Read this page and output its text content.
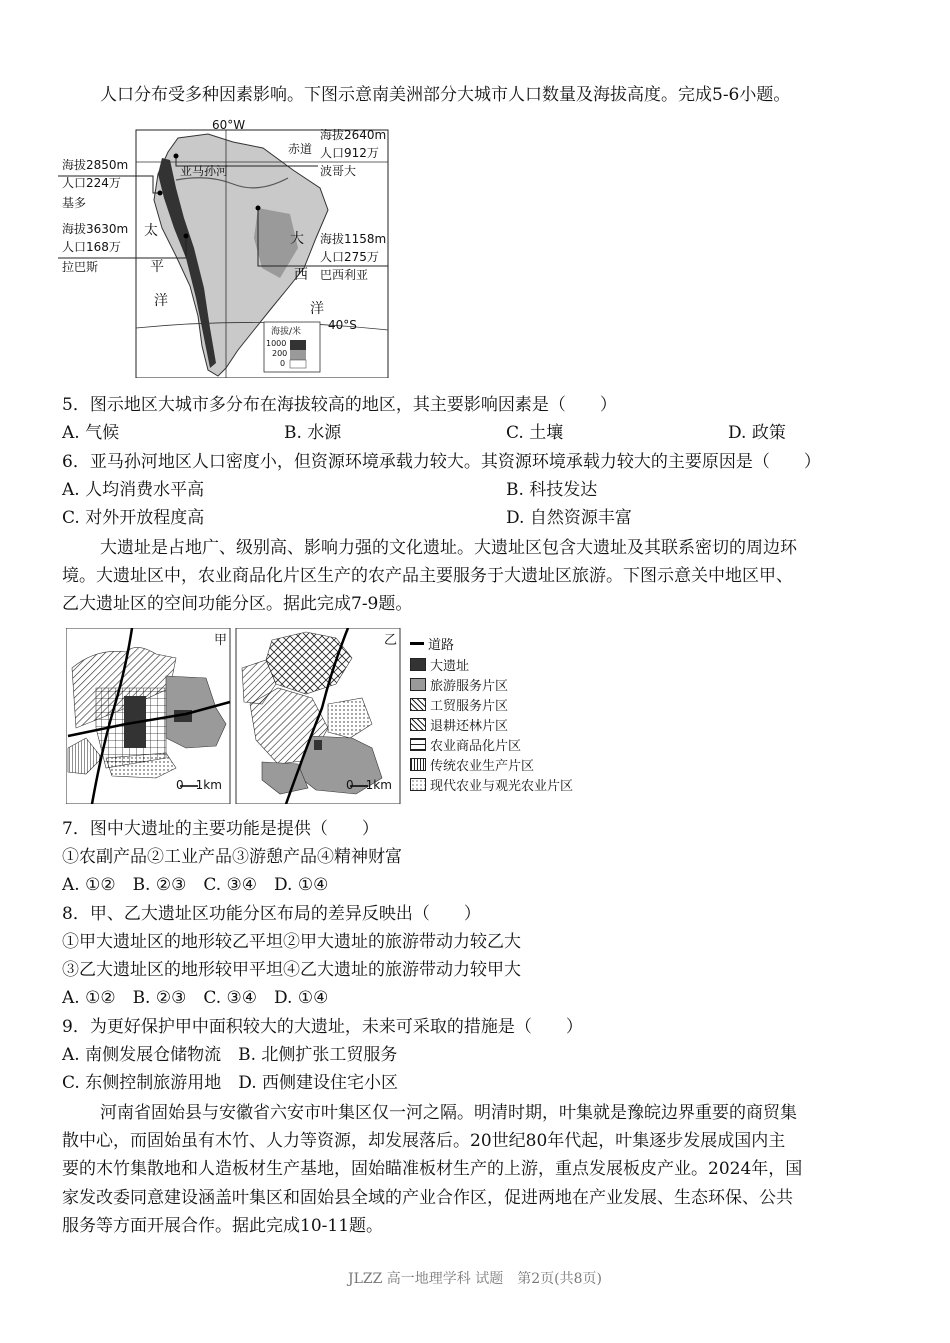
人口分布受多种因素影响。下图示意南美洲部分大城市人口数量及海拔高度。完成5-6小题。
60°W
赤道
40°S
亚马孙河
太
平
洋
大
西
洋
海拔/米
1000
200
0
海拔2850m
人口224万
基多
海拔3630m
人口168万
拉巴斯
海拔2640m
人口912万
波哥大
海拔1158m
人口275万
巴西利亚
5．图示地区大城市多分布在海拔较高的地区，其主要影响因素是（　　）
A. 气候	B. 水源	C. 土壤	D. 政策
6．亚马孙河地区人口密度小，但资源环境承载力较大。其资源环境承载力较大的主要原因是（　　）
A. 人均消费水平高	B. 科技发达
C. 对外开放程度高	D. 自然资源丰富
大遗址是占地广、级别高、影响力强的文化遗址。大遗址区包含大遗址及其联系密切的周边环
境。大遗址区中，农业商品化片区生产的农产品主要服务于大遗址区旅游。下图示意关中地区甲、
乙大遗址区的空间功能分区。据此完成7-9题。
甲	乙
0　1km	0　1km
道路
大遗址
旅游服务片区
工贸服务片区
退耕还林片区
农业商品化片区
传统农业生产片区
现代农业与观光农业片区
7．图中大遗址的主要功能是提供（　　）
①农副产品②工业产品③游憩产品④精神财富
A. ①②　B. ②③　C. ③④　D. ①④
8．甲、乙大遗址区功能分区布局的差异反映出（　　）
①甲大遗址区的地形较乙平坦②甲大遗址的旅游带动力较乙大
③乙大遗址区的地形较甲平坦④乙大遗址的旅游带动力较甲大
A. ①②　B. ②③　C. ③④　D. ①④
9．为更好保护甲中面积较大的大遗址，未来可采取的措施是（　　）
A. 南侧发展仓储物流　B. 北侧扩张工贸服务
C. 东侧控制旅游用地　D. 西侧建设住宅小区
河南省固始县与安徽省六安市叶集区仅一河之隔。明清时期，叶集就是豫皖边界重要的商贸集
散中心，而固始虽有木竹、人力等资源，却发展落后。20世纪80年代起，叶集逐步发展成国内主
要的木竹集散地和人造板材生产基地，固始瞄准板材生产的上游，重点发展板皮产业。2024年，国
家发改委同意建设涵盖叶集区和固始县全域的产业合作区，促进两地在产业发展、生态环保、公共
服务等方面开展合作。据此完成10-11题。
JLZZ 高一地理学科 试题　第2页(共8页)
